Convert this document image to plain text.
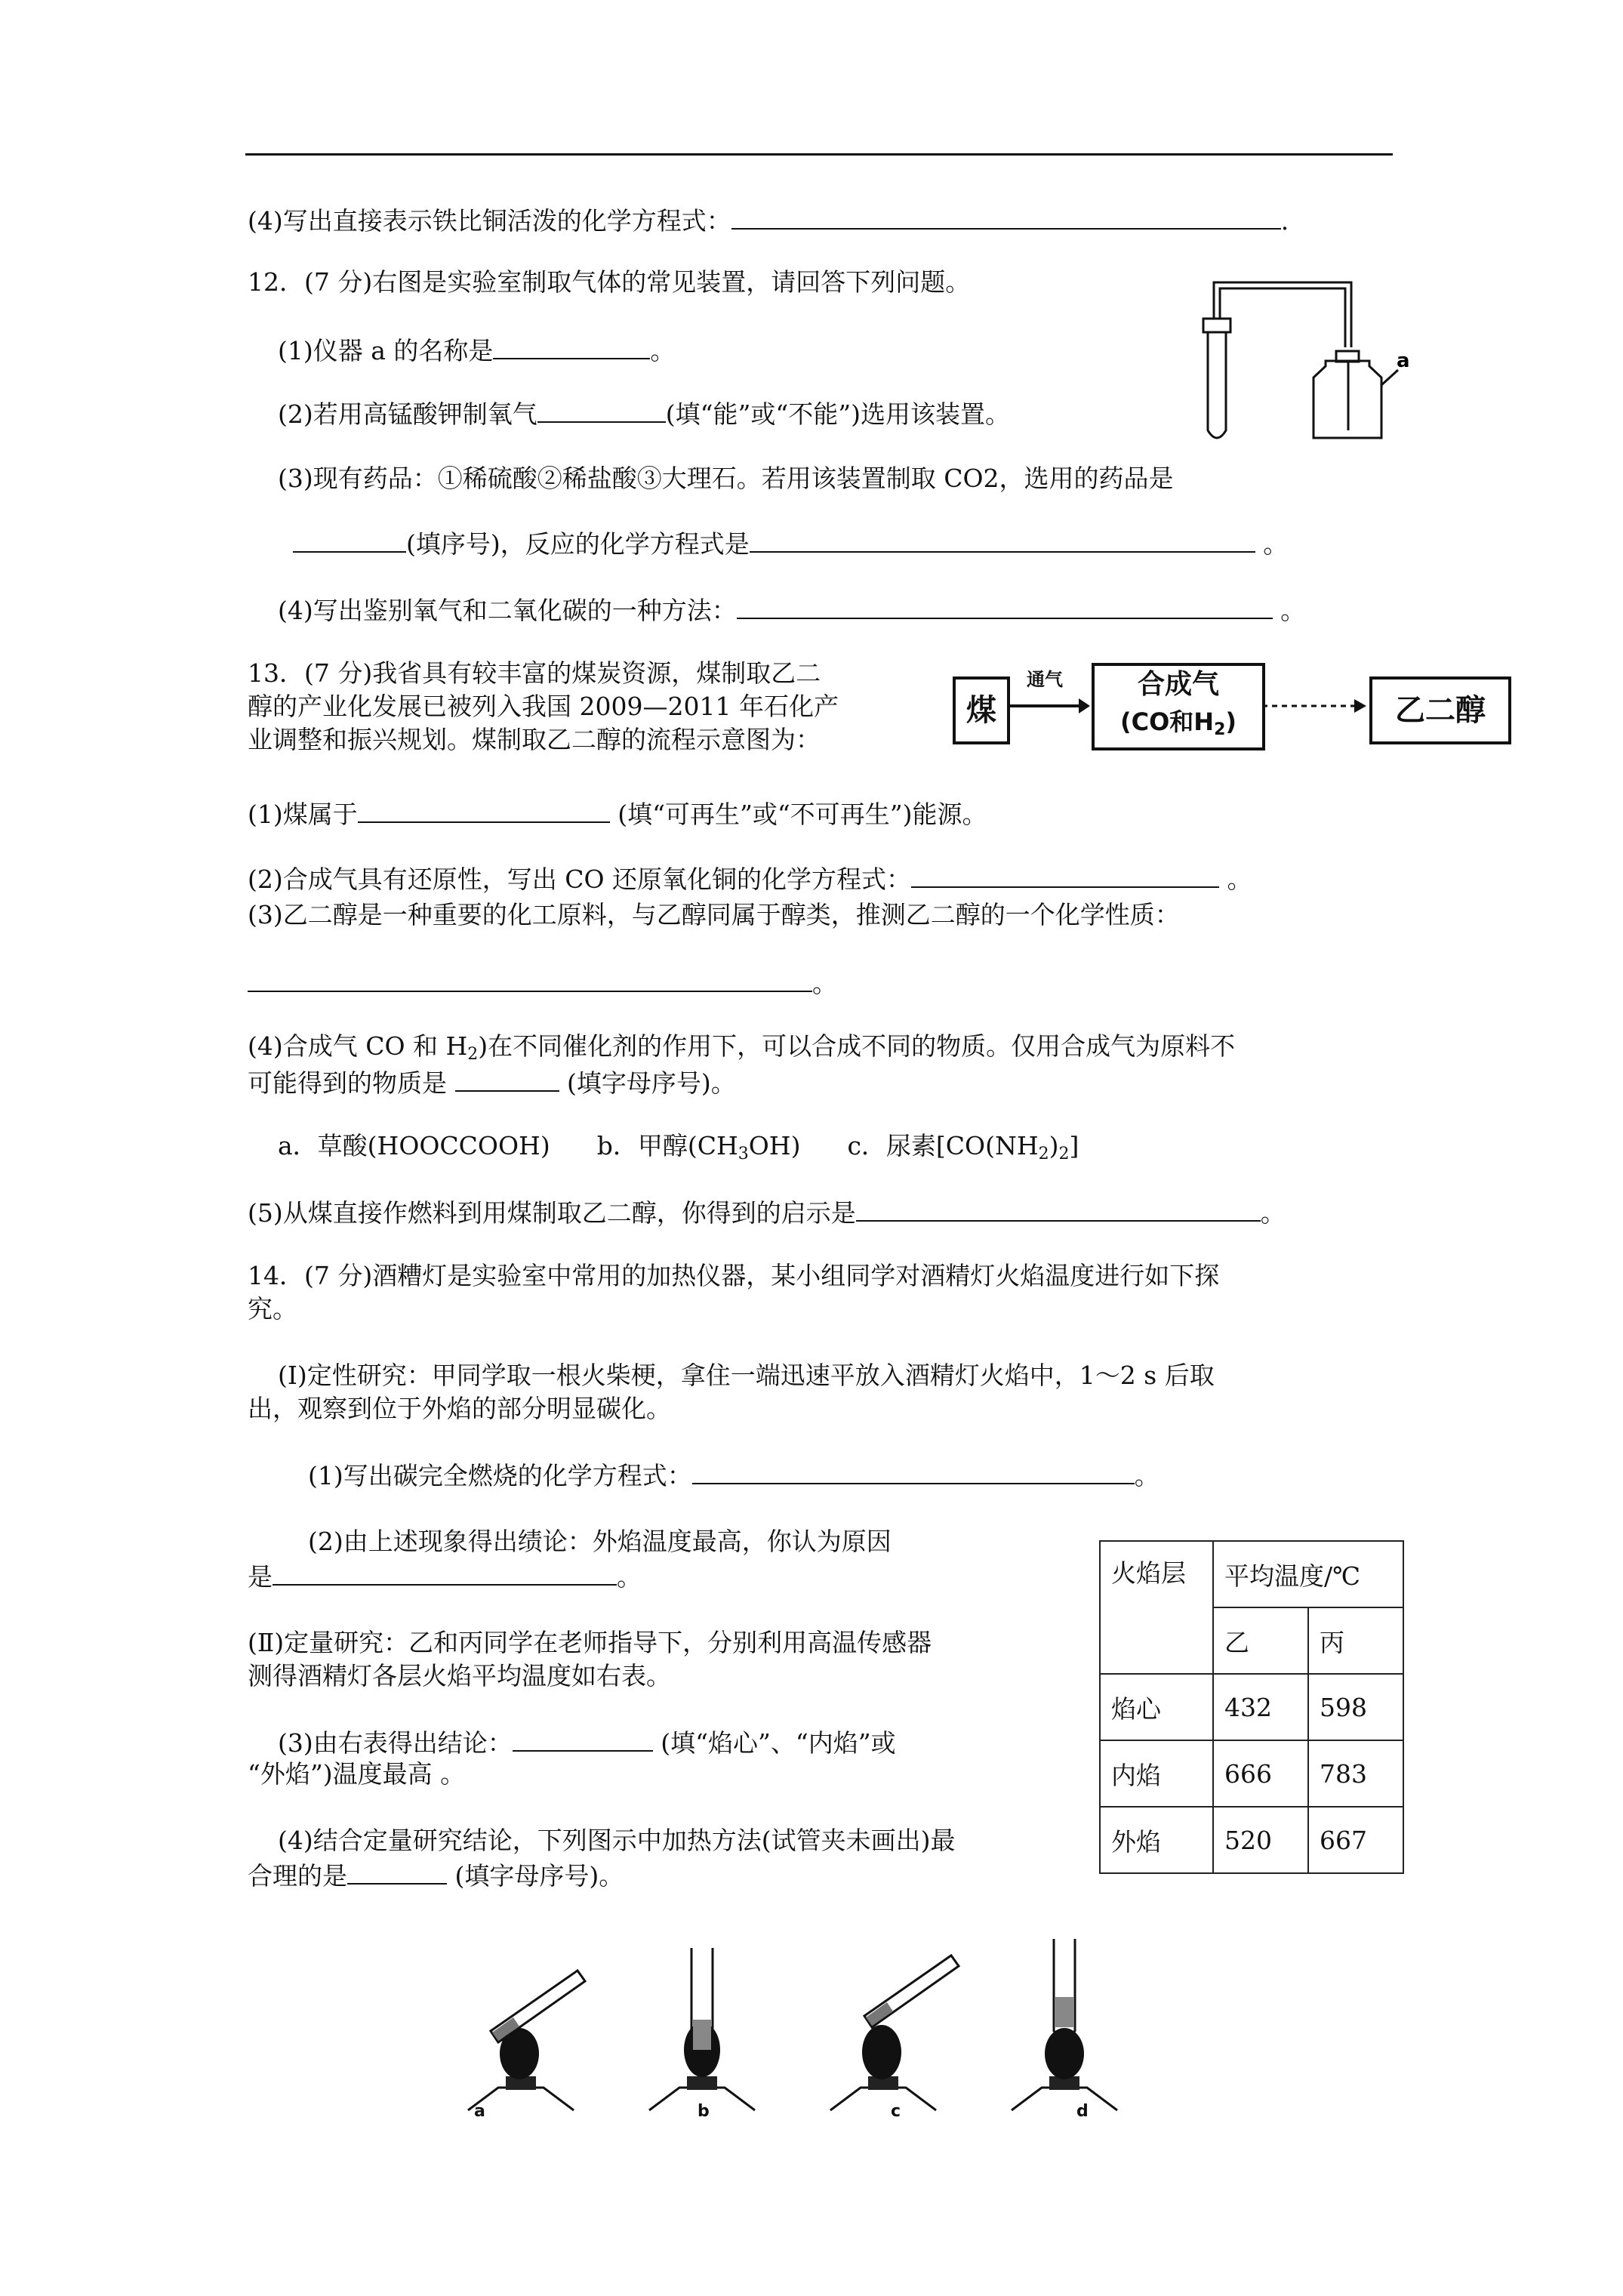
(4)写出直接表示铁比铜活泼的化学方程式：	.
12．(7 分)右图是实验室制取气体的常见装置，请回答下列问题。
(1)仪器 a 的名称是	。
(2)若用高锰酸钾制氧气	(填“能”或“不能”)选用该装置。
(3)现有药品：①稀硫酸②稀盐酸③大理石。若用该装置制取 CO2，选用的药品是
(填序号)，反应的化学方程式是	。
(4)写出鉴别氧气和二氧化碳的一种方法：	。
a
13．(7 分)我省具有较丰富的煤炭资源，煤制取乙二
醇的产业化发展已被列入我国 2009—2011 年石化产
业调整和振兴规划。煤制取乙二醇的流程示意图为：
煤
通气	合成气
(CO和$H_2$)	乙二醇
(1)煤属于	(填“可再生”或“不可再生”)能源。
(2)合成气具有还原性，写出 CO 还原氧化铜的化学方程式：	。
(3)乙二醇是一种重要的化工原料，与乙醇同属于醇类，推测乙二醇的一个化学性质：
。
(4)合成气 CO 和 $H_2$)在不同催化剂的作用下，可以合成不同的物质。仅用合成气为原料不
可能得到的物质是	(填字母序号)。
a．草酸(HOOCCOOH) b．甲醇$(CH_3OH)$ c．尿素$[CO(NH_2)_2]$
(5)从煤直接作燃料到用煤制取乙二醇，你得到的启示是	。
14．(7 分)酒糟灯是实验室中常用的加热仪器，某小组同学对酒精灯火焰温度进行如下探
究。
(I)定性研究：甲同学取一根火柴梗，拿住一端迅速平放入酒精灯火焰中，1～2 s 后取
出，观察到位于外焰的部分明显碳化。
(1)写出碳完全燃烧的化学方程式：	。
(2)由上述现象得出绩论：外焰温度最高，你认为原因
是	。
(Ⅱ)定量研究：乙和丙同学在老师指导下，分别利用高温传感器
测得酒精灯各层火焰平均温度如右表。
(3)由右表得出结论：	(填“焰心”、“内焰”或
“外焰”)温度最高 。
(4)结合定量研究结论，下列图示中加热方法(试管夹未画出)最
合理的是	(填字母序号)。
火焰层	平均温度/℃	
	乙	丙
焰心	432	598
内焰	666	783
外焰	520	667
a	b	c	d
